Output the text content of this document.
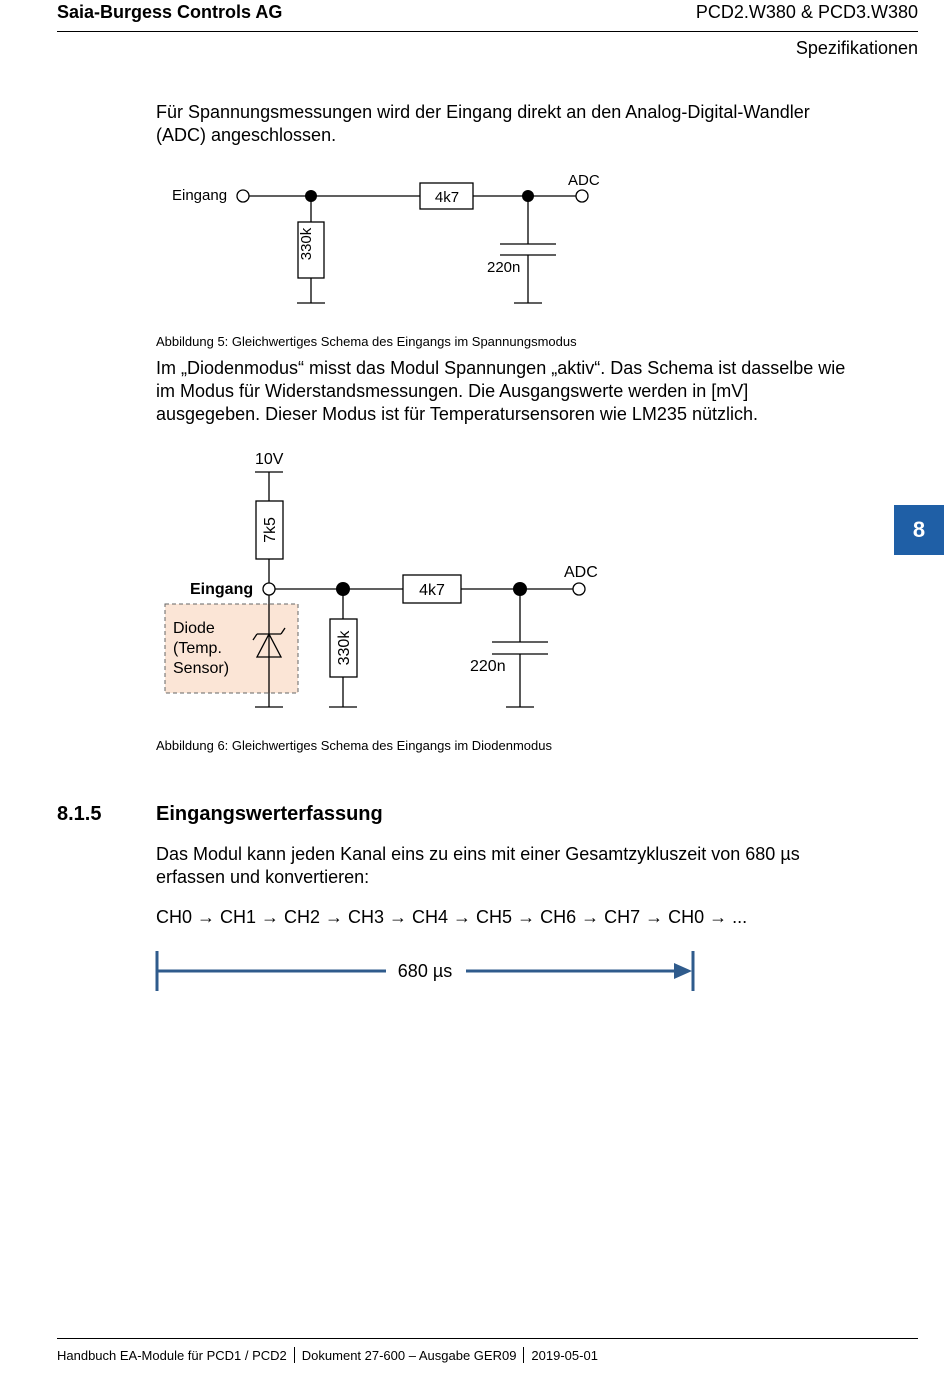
Saia-Burgess Controls AG	PCD2.W380 & PCD3.W380
Spezifikationen
8
Für Spannungsmessungen wird der Eingang direkt an den Analog-Digital-Wandler (ADC) angeschlossen.
Eingang
ADC
4k7
330k
220n
Abbildung 5: Gleichwertiges Schema des Eingangs im Spannungsmodus
Im „Diodenmodus“ misst das Modul Spannungen „aktiv“. Das Schema ist dasselbe wie im Modus für Widerstandsmessungen. Die Ausgangswerte werden in [mV] ausgegeben. Dieser Modus ist für Temperatursensoren wie LM235 nützlich.
10V
7k5
Eingang
ADC
4k7
330k
220n
Diode
(Temp.
Sensor)
Abbildung 6: Gleichwertiges Schema des Eingangs im Diodenmodus
8.1.5	Eingangswerterfassung
Das Modul kann jeden Kanal eins zu eins mit einer Gesamtzykluszeit von 680 µs erfassen und konvertieren:
CH0 → CH1 → CH2 → CH3 → CH4 → CH5 → CH6 → CH7 → CH0 → ...
680 µs
Handbuch EA-Module für PCD1 / PCD2 Dokument 27-600 – Ausgabe GER09 2019-05-01
